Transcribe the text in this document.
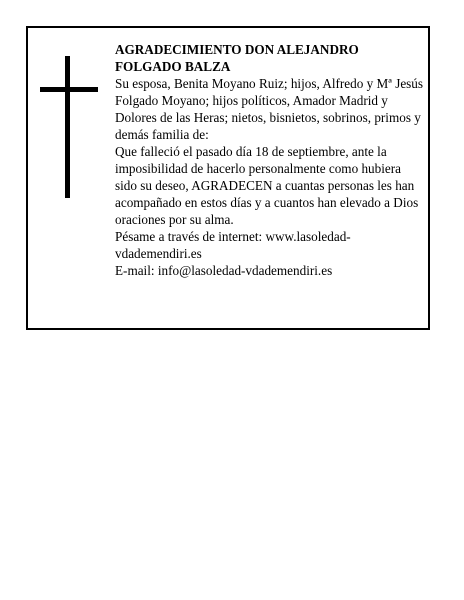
AGRADECIMIENTO DON ALEJANDRO FOLGADO BALZA

Su esposa, Benita Moyano Ruiz; hijos, Alfredo y Mª Jesús Folgado Moyano; hijos políticos, Amador Madrid y Dolores de las Heras; nietos, bisnietos, sobrinos, primos y demás familia de:

Que falleció el pasado día 18 de septiembre, ante la imposibilidad de hacerlo personalmente como hubiera sido su deseo, AGRADECEN a cuantas personas les han acompañado en estos días y a cuantos han elevado a Dios oraciones por su alma.

Pésame a través de internet: www.lasoledad-vdademendiri.es

E-mail: info@lasoledad-vdademendiri.es
